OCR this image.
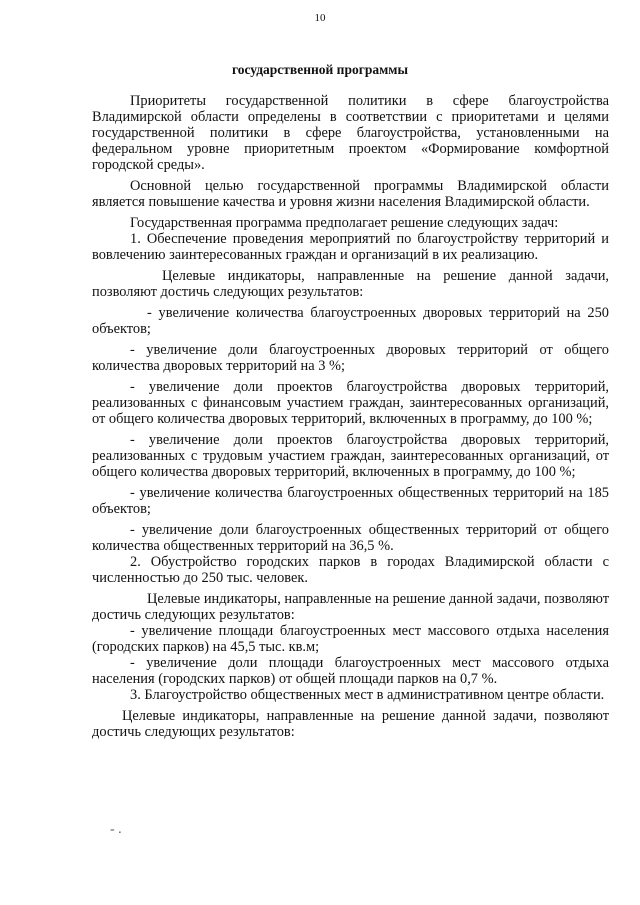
10
государственной программы

Приоритеты государственной политики в сфере благоустройства Владимирской области определены в соответствии с приоритетами и целями государственной политики в сфере благоустройства, установленными на федеральном уровне приоритетным проектом «Формирование комфортной городской среды».

Основной целью государственной программы Владимирской области является повышение качества и уровня жизни населения Владимирской области.

Государственная программа предполагает решение следующих задач:

1. Обеспечение проведения мероприятий по благоустройству территорий и вовлечению заинтересованных граждан и организаций в их реализацию.

Целевые индикаторы, направленные на решение данной задачи, позволяют достичь следующих результатов:

- увеличение количества благоустроенных дворовых территорий на 250 объектов;

- увеличение доли благоустроенных дворовых территорий от общего количества дворовых территорий на 3 %;

- увеличение доли проектов благоустройства дворовых территорий, реализованных с финансовым участием граждан, заинтересованных организаций, от общего количества дворовых территорий, включенных в программу, до 100 %;

- увеличение доли проектов благоустройства дворовых территорий, реализованных с трудовым участием граждан, заинтересованных организаций, от общего количества дворовых территорий, включенных в программу, до 100 %;

- увеличение количества благоустроенных общественных территорий на 185 объектов;

- увеличение доли благоустроенных общественных территорий от общего количества общественных территорий на 36,5 %.

2. Обустройство городских парков в городах Владимирской области с численностью до 250 тыс. человек.

Целевые индикаторы, направленные на решение данной задачи, позволяют достичь следующих результатов:

- увеличение площади благоустроенных мест массового отдыха населения (городских парков) на 45,5 тыс. кв.м;

- увеличение доли площади благоустроенных мест массового отдыха населения (городских парков) от общей площади парков на 0,7 %.

3. Благоустройство общественных мест в административном центре области.

Целевые индикаторы, направленные на решение данной задачи, позволяют достичь следующих результатов:

- .
